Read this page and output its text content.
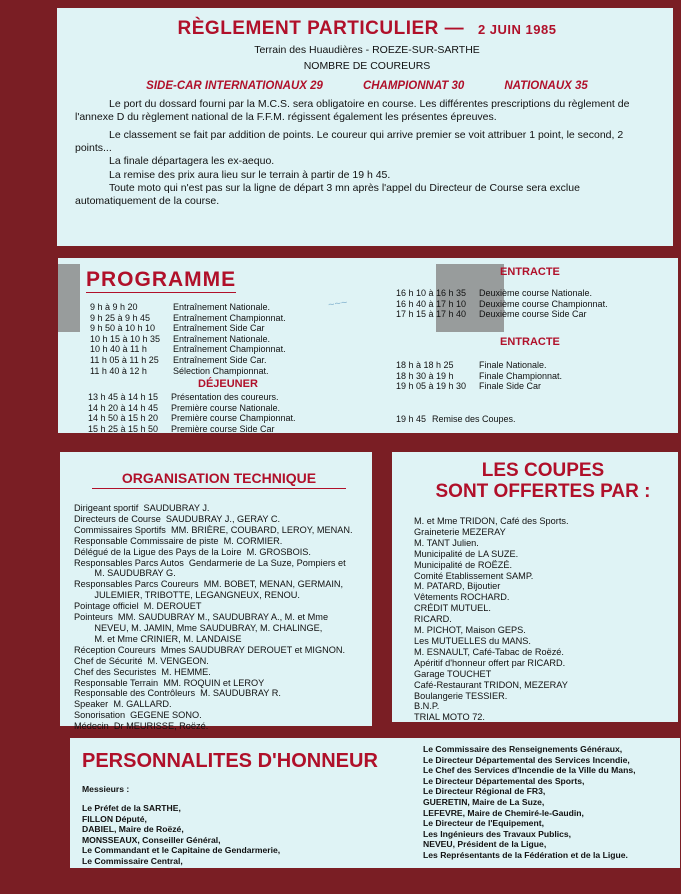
RÈGLEMENT PARTICULIER — 2 JUIN 1985
Terrain des Huaudières - ROEZE-SUR-SARTHE
NOMBRE DE COUREURS
SIDE-CAR INTERNATIONAUX 29	CHAMPIONNAT 30	NATIONAUX 35

Le port du dossard fourni par la M.C.S. sera obligatoire en course. Les différentes prescriptions du règlement de l'annexe D du règlement national de la F.F.M. régissent également les présentes épreuves.

Le classement se fait par addition de points. Le coureur qui arrive premier se voit attribuer 1 point, le second, 2 points...

La finale départagera les ex-aequo.

La remise des prix aura lieu sur le terrain à partir de 19 h 45.

Toute moto qui n'est pas sur la ligne de départ 3 mn après l'appel du Directeur de Course sera exclue automatiquement de la course.

PROGRAMME
9 h à 9 h 20	Entraînement Nationale.
9 h 25 à 9 h 45	Entraînement Championnat.
9 h 50 à 10 h 10	Entraînement Side Car
10 h 15 à 10 h 35	Entraînement Nationale.
10 h 40 à 11 h	Entraînement Championnat.
11 h 05 à 11 h 25	Entraînement Side Car.
11 h 40 à 12 h	Sélection Championnat.
DÉJEUNER
13 h 45 à 14 h 15	Présentation des coureurs.
14 h 20 à 14 h 45	Première course Nationale.
14 h 50 à 15 h 20	Première course Championnat.
15 h 25 à 15 h 50	Première course Side Car
ENTRACTE
16 h 10 à 16 h 35	Deuxième course Nationale.
16 h 40 à 17 h 10	Deuxième course Championnat.
17 h 15 à 17 h 40	Deuxième course Side Car
ENTRACTE
18 h à 18 h 25	Finale Nationale.
18 h 30 à 19 h	Finale Championnat.
19 h 05 à 19 h 30	Finale Side Car
19 h 45 Remise des Coupes.
~~~
ORGANISATION TECHNIQUE
Dirigeant sportif  SAUDUBRAY J.
Directeurs de Course  SAUDUBRAY J., GERAY C.
Commissaires Sportifs  MM. BRIÈRE, COUBARD, LEROY, MENAN.
Responsable Commissaire de piste  M. CORMIER.
Délégué de la Ligue des Pays de la Loire  M. GROSBOIS.
Responsables Parcs Autos  Gendarmerie de La Suze, Pompiers et
M. SAUDUBRAY G.
Responsables Parcs Coureurs  MM. BOBET, MENAN, GERMAIN,
JULEMIER, TRIBOTTE, LEGANGNEUX, RENOU.
Pointage officiel  M. DEROUET
Pointeurs  MM. SAUDUBRAY M., SAUDUBRAY A., M. et Mme
NEVEU, M. JAMIN, Mme SAUDUBRAY, M. CHALINGE,
M. et Mme CRINIER, M. LANDAISE
Réception Coureurs  Mmes SAUDUBRAY DEROUET et MIGNON.
Chef de Sécurité  M. VENGEON.
Chef des Securistes  M. HEMME.
Responsable Terrain  MM. ROQUIN et LEROY
Responsable des Contrôleurs  M. SAUDUBRAY R.
Speaker  M. GALLARD.
Sonorisation  GEGENE SONO.
Médecin  Dr MEURISSE, Roëzé.
LES COUPES
SONT OFFERTES PAR :
M. et Mme TRIDON, Café des Sports.
Graineterie MEZERAY
M. TANT Julien.
Municipalité de LA SUZE.
Municipalité de ROËZÉ.
Comité Etablissement SAMP.
M. PATARD, Bijoutier
Vêtements ROCHARD.
CRÉDIT MUTUEL.
RICARD.
M. PICHOT, Maison GEPS.
Les MUTUELLES du MANS.
M. ESNAULT, Café-Tabac de Roëzé.
Apéritif d'honneur offert par RICARD.
Garage TOUCHET
Café-Restaurant TRIDON, MEZERAY
Boulangerie TESSIER.
B.N.P.
TRIAL MOTO 72.
PERSONNALITES D'HONNEUR
Messieurs :
Le Préfet de la SARTHE,
FILLON Député,
DABIEL, Maire de Roëzé,
MONSSEAUX, Conseiller Général,
Le Commandant et le Capitaine de Gendarmerie,
Le Commissaire Central,
Le Commissaire des Renseignements Généraux,
Le Directeur Départemental des Services Incendie,
Le Chef des Services d'Incendie de la Ville du Mans,
Le Directeur Départemental des Sports,
Le Directeur Régional de FR3,
GUERETIN, Maire de La Suze,
LEFEVRE, Maire de Chemiré-le-Gaudin,
Le Directeur de l'Equipement,
Les Ingénieurs des Travaux Publics,
NEVEU, Président de la Ligue,
Les Représentants de la Fédération et de la Ligue.
